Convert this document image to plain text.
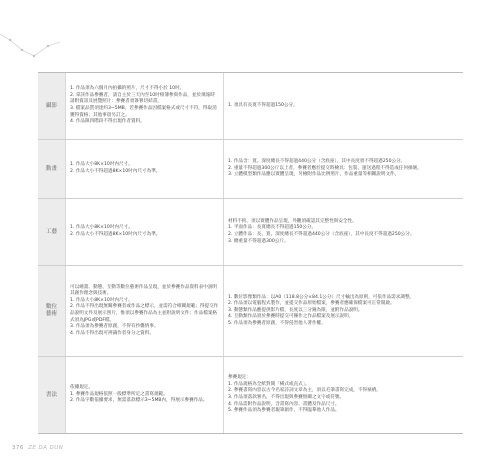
攝影

1. 作品須為六個月內拍攝的照片，尺寸不得小於 10吋。
2. 拿該作品參賽者，請自主於三天內至10吋相簿參與作品，並於填報時請附資訊及展覽照片：參賽者須簽署切結書。
3. 檔案品質須達約3~5MB，若參賽作品因檔案格式或尺寸不符，得取消獲得資格；其他事項另訂之。
4. 作品限四階段不得出現作者資料。

1. 須具有長寬不得超過150公分。

動畫

1. 作品大小8K×10吋內尺寸。
2. 作品大小不得超過8K×10吋內尺寸為準。

1. 作品含：寬、深度總長不得超過440公分（含底座），其中長度須不得超過250公分。
2. 重量不得超過300公斤以上者，參賽者應於提交時檢具：包裝、運送過程不得造成任何損壞。
3. 立體模型類作品應以實體呈現，另檢附作品比例照片、作品重量等相關說明文件。

工藝

1. 作品大小8K×10吋內尺寸。
2. 作品大小不得超過8K×10吋內尺寸為準。

材料不拘，須以實體作品呈現，外觀須確認其完整性與安全性。
1. 平面作品：長寬總長不得超過150公分。
2. 立體作品：長、寬、深度總長不得超過440公分（含底座），其中長度不得超過250公分。
3. 總重量不得超過300公斤。

數位
藝術

可以繪畫、動態、互動等數位藝術作品呈現，並於參賽作品資料表中說明其創作理念與技術。
1. 作品大小8K×10吋內尺寸。
2. 作品不得出現無關參賽者或作品之標示，並需符合相關規範；得提交作品說明文件及展示照片，惟須以參賽作品為主並附說明文件；作品檔案格式須為JPG或PDF檔。
3. 作品須為參賽者原創，不得有抄襲情事。
4. 作品不得出現可辨識作者身分之資料。

1. 數位影像類作品：以A0（118.8公分×84.1公分）尺寸輸出為原則，可依作品需求調整。
2. 作品須以電腦程式製作，並提交作品原始檔案，參賽者應確保檔案可正常開啟。
3. 動態類作品應提供影片檔，長度以三分鐘為限，並附作品說明。
4. 互動類作品須於參賽時提交可操作之作品檔案及展示說明。
5. 作品須為參賽者原創，不得侵害他人著作權。

書法

依據規定。
1. 參賽作品規格依照一般標準所定之書寫規範。
2. 作品字數依據要求，無需落款標示3~5MB內，得展示參賽作品。

參賽規定：
1. 作品規格為全紙對開「橫式或直式」。
2. 參賽書寫內容以古今名家詩詞文章為主，須以毛筆書寫完成，不得裱褙。
3. 作品須落款署名，不得出現與參賽無關之文字或符號。
4. 作品需附作品說明，含書寫內容、書體及作品尺寸。
5. 參賽作品須為參賽者親筆創作，不得臨摹他人作品。

376 ZE DA DUN
